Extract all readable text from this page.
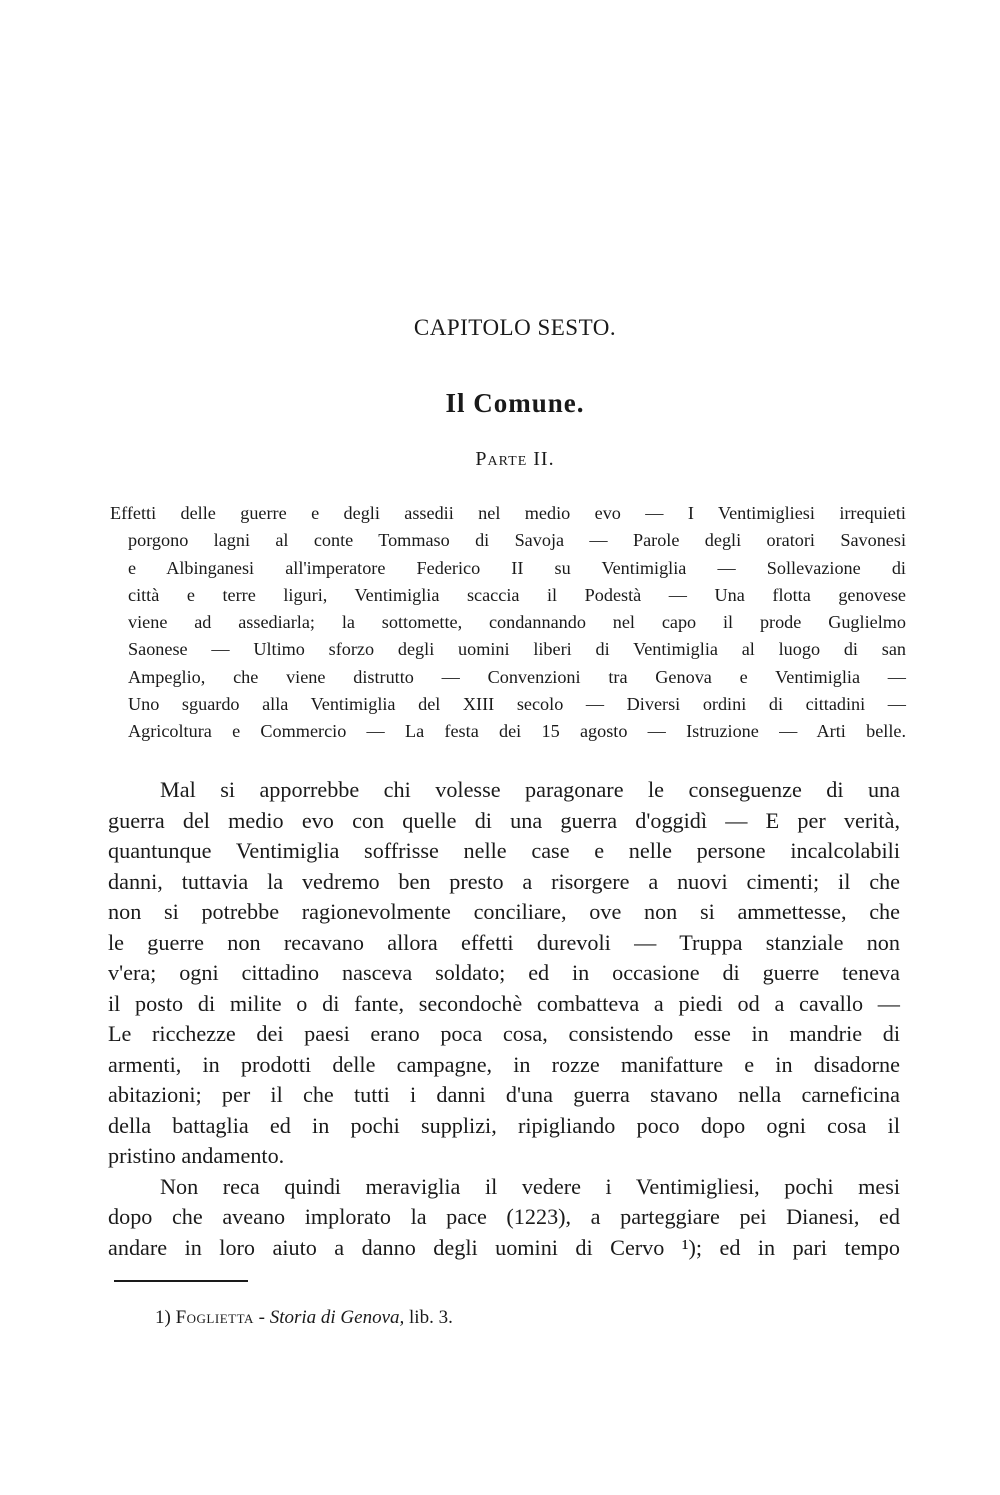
CAPITOLO SESTO.
Il Comune.
Parte II.
Effetti delle guerre e degli assedii nel medio evo — I Ventimigliesi irrequieti
porgono lagni al conte Tommaso di Savoja — Parole degli oratori Savonesi
e Albinganesi all'imperatore Federico II su Ventimiglia — Sollevazione di
città e terre liguri, Ventimiglia scaccia il Podestà — Una flotta genovese
viene ad assediarla; la sottomette, condannando nel capo il prode Guglielmo
Saonese — Ultimo sforzo degli uomini liberi di Ventimiglia al luogo di san
Ampeglio, che viene distrutto — Convenzioni tra Genova e Ventimiglia —
Uno sguardo alla Ventimiglia del XIII secolo — Diversi ordini di cittadini —
Agricoltura e Commercio — La festa dei 15 agosto — Istruzione — Arti belle.
Mal si apporrebbe chi volesse paragonare le conseguenze di una
guerra del medio evo con quelle di una guerra d'oggidì — E per verità,
quantunque Ventimiglia soffrisse nelle case e nelle persone incalcolabili
danni, tuttavia la vedremo ben presto a risorgere a nuovi cimenti; il che
non si potrebbe ragionevolmente conciliare, ove non si ammettesse, che
le guerre non recavano allora effetti durevoli — Truppa stanziale non
v'era; ogni cittadino nasceva soldato; ed in occasione di guerre teneva
il posto di milite o di fante, secondochè combatteva a piedi od a cavallo —
Le ricchezze dei paesi erano poca cosa, consistendo esse in mandrie di
armenti, in prodotti delle campagne, in rozze manifatture e in disadorne
abitazioni; per il che tutti i danni d'una guerra stavano nella carneficina
della battaglia ed in pochi supplizi, ripigliando poco dopo ogni cosa il
pristino andamento.
Non reca quindi meraviglia il vedere i Ventimigliesi, pochi mesi
dopo che aveano implorato la pace (1223), a parteggiare pei Dianesi, ed
andare in loro aiuto a danno degli uomini di Cervo ¹); ed in pari tempo
1) Foglietta - Storia di Genova, lib. 3.
